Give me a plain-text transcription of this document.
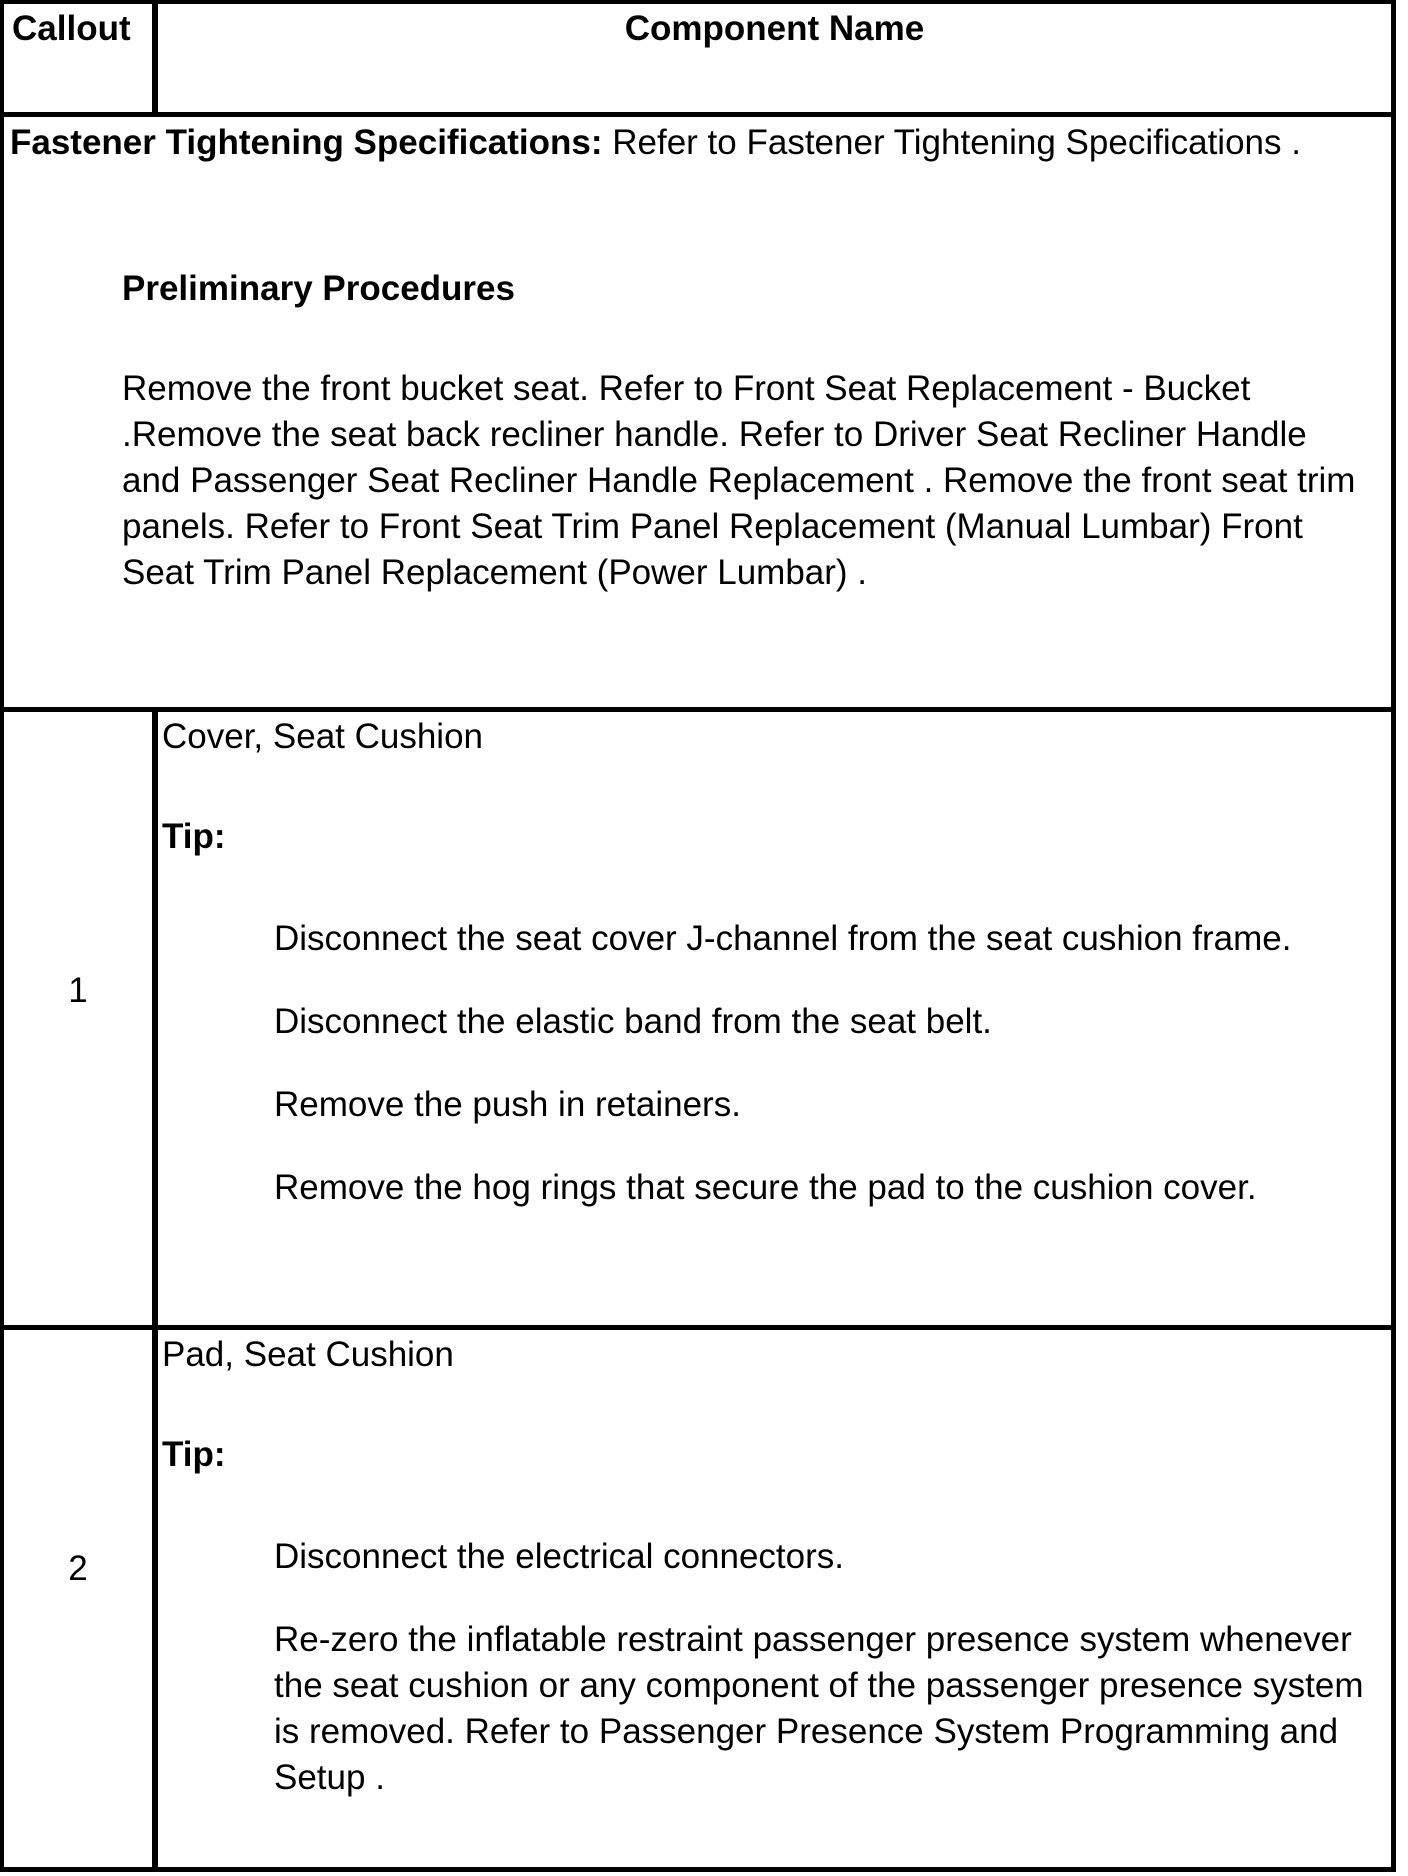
Callout	Component Name

Fastener Tightening Specifications: Refer to Fastener Tightening Specifications .

Preliminary Procedures

Remove the front bucket seat. Refer to Front Seat Replacement - Bucket .Remove the seat back recliner handle. Refer to Driver Seat Recliner Handle and Passenger Seat Recliner Handle Replacement . Remove the front seat trim panels. Refer to Front Seat Trim Panel Replacement (Manual Lumbar) Front Seat Trim Panel Replacement (Power Lumbar) .

1

Cover, Seat Cushion

Tip:

Disconnect the seat cover J-channel from the seat cushion frame.
Disconnect the elastic band from the seat belt.
Remove the push in retainers.
Remove the hog rings that secure the pad to the cushion cover.

2

Pad, Seat Cushion

Tip:

Disconnect the electrical connectors.
Re-zero the inflatable restraint passenger presence system whenever the seat cushion or any component of the passenger presence system is removed. Refer to Passenger Presence System Programming and Setup .
